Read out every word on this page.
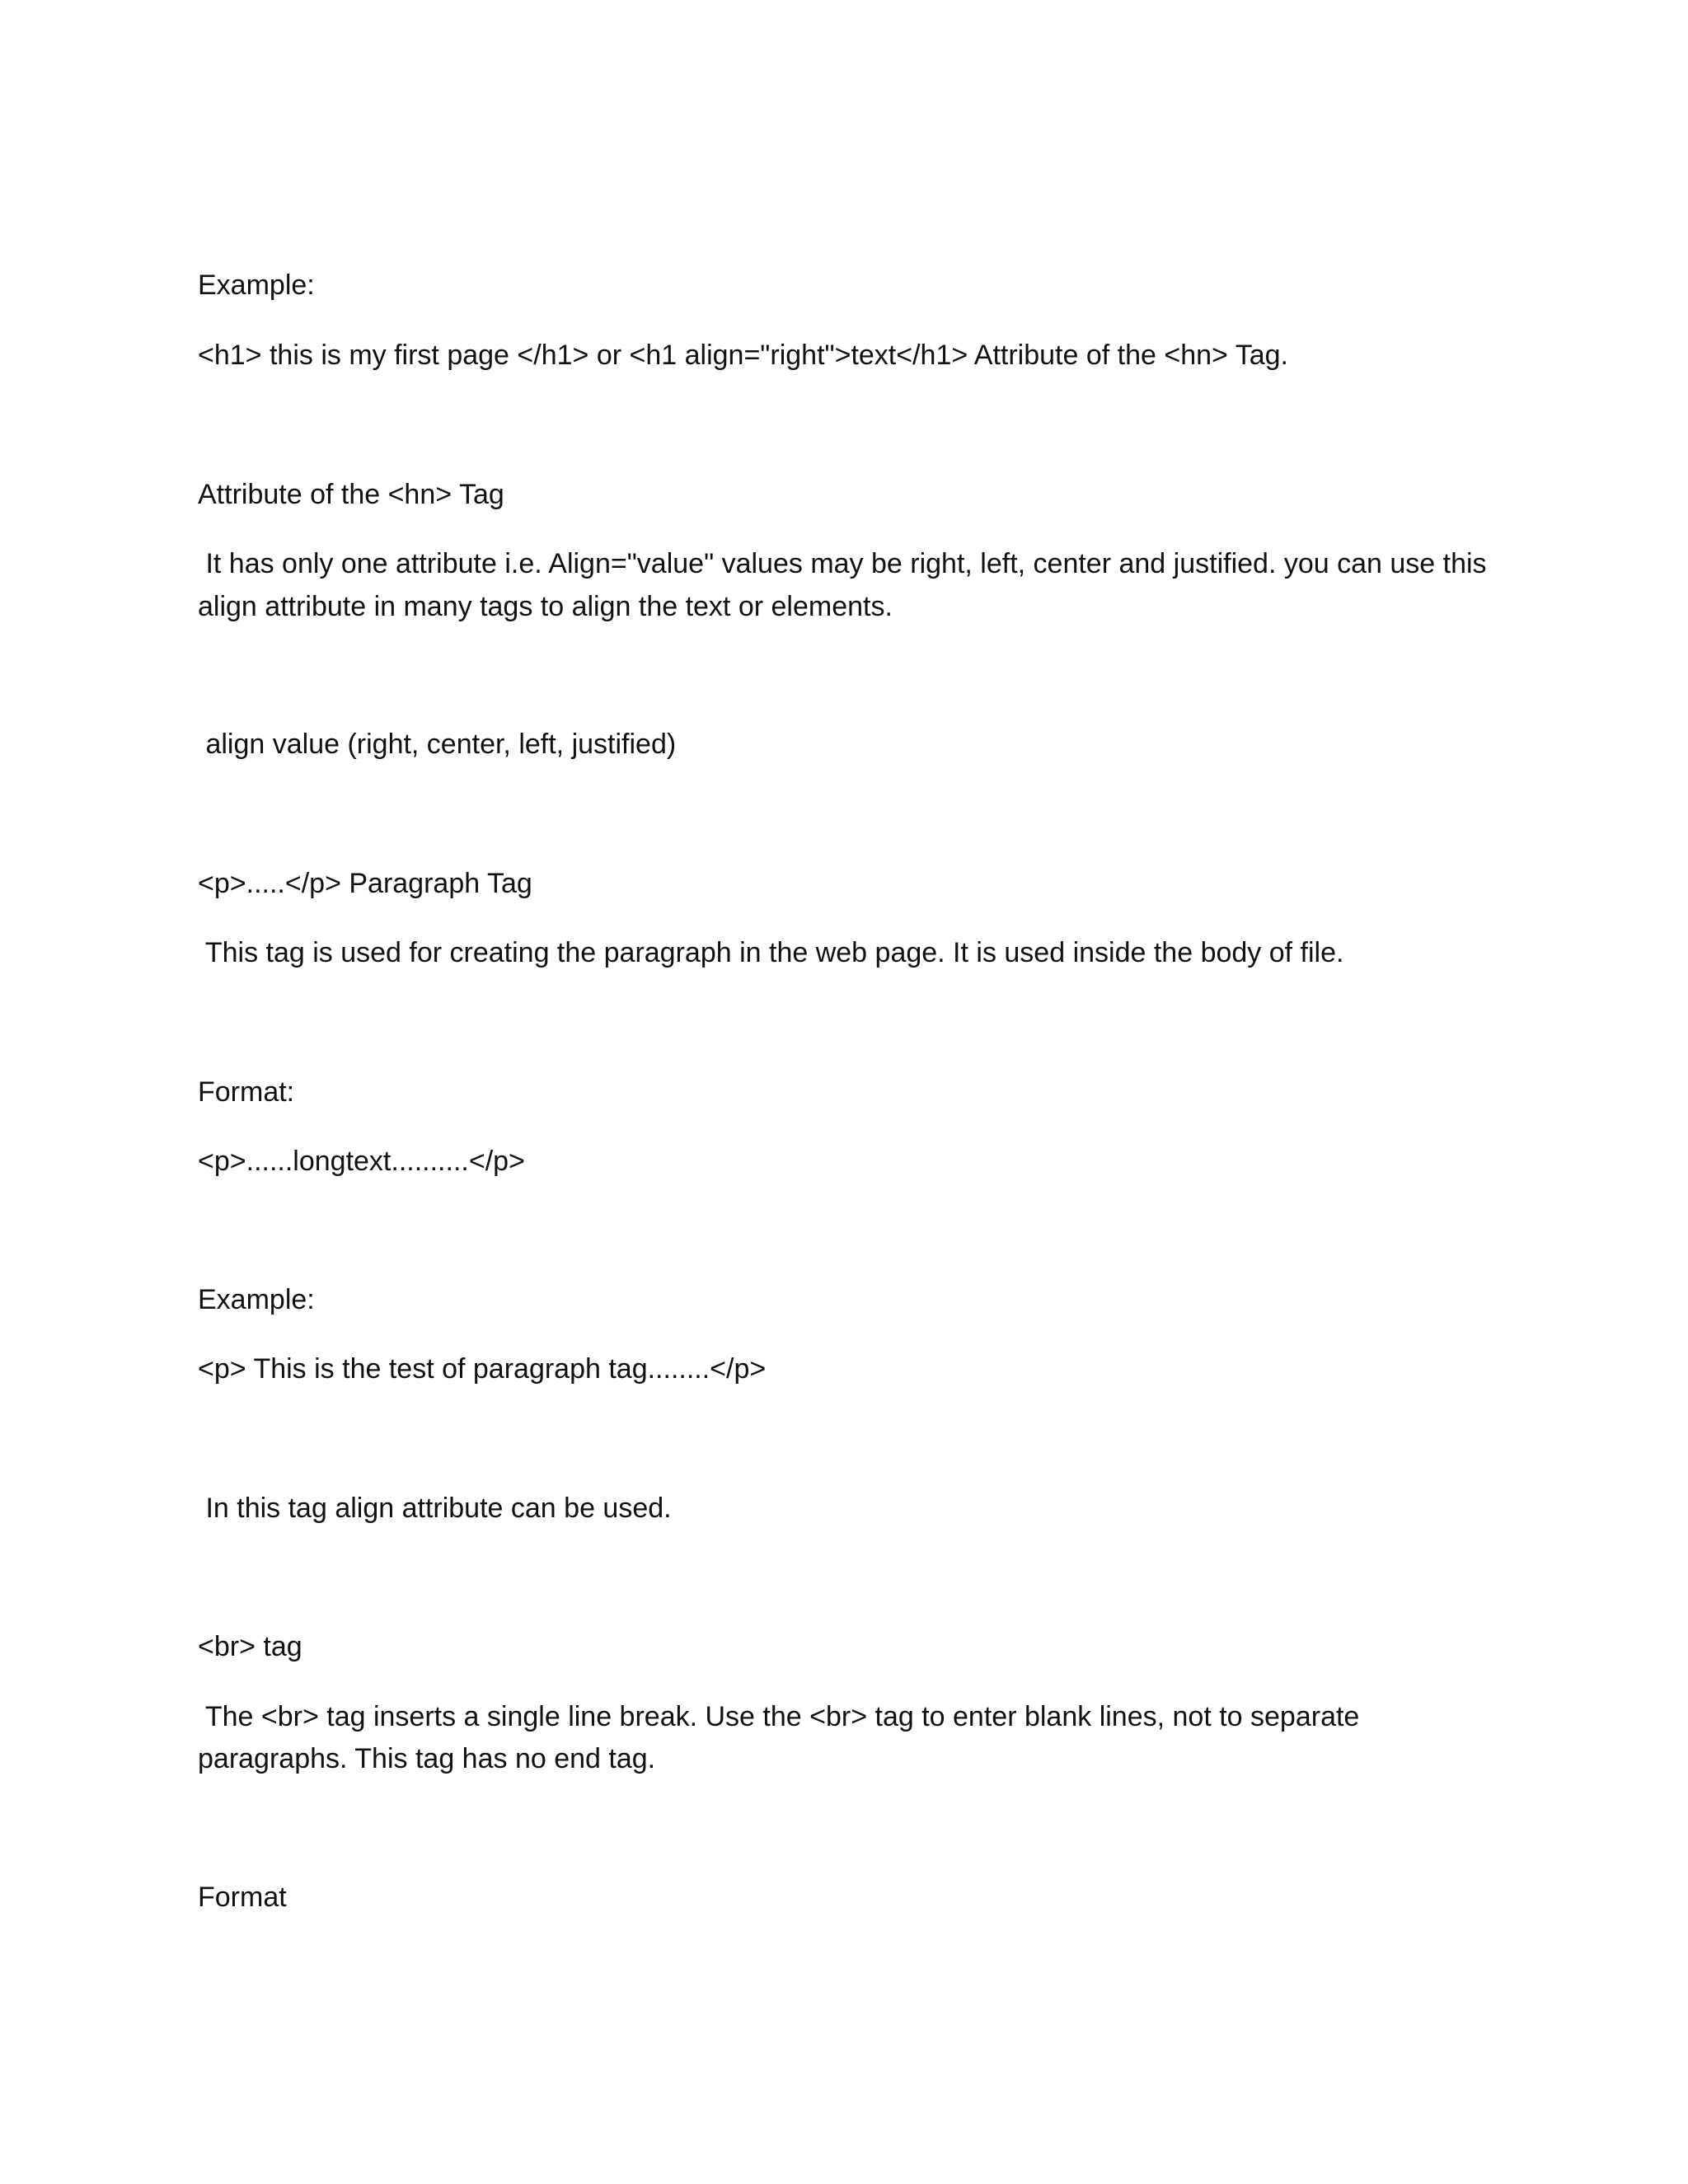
Example:

<h1> this is my first page </h1> or <h1 align="right">text</h1> Attribute of the <hn> Tag.

Attribute of the <hn> Tag

It has only one attribute i.e. Align="value" values may be right, left, center and justified. you can use this

align attribute in many tags to align the text or elements.

align value (right, center, left, justified)

<p>.....</p> Paragraph Tag

This tag is used for creating the paragraph in the web page. It is used inside the body of file.

Format:

<p>......longtext..........</p>

Example:

<p> This is the test of paragraph tag........</p>

In this tag align attribute can be used.

<br> tag

The <br> tag inserts a single line break. Use the <br> tag to enter blank lines, not to separate

paragraphs. This tag has no end tag.

Format
